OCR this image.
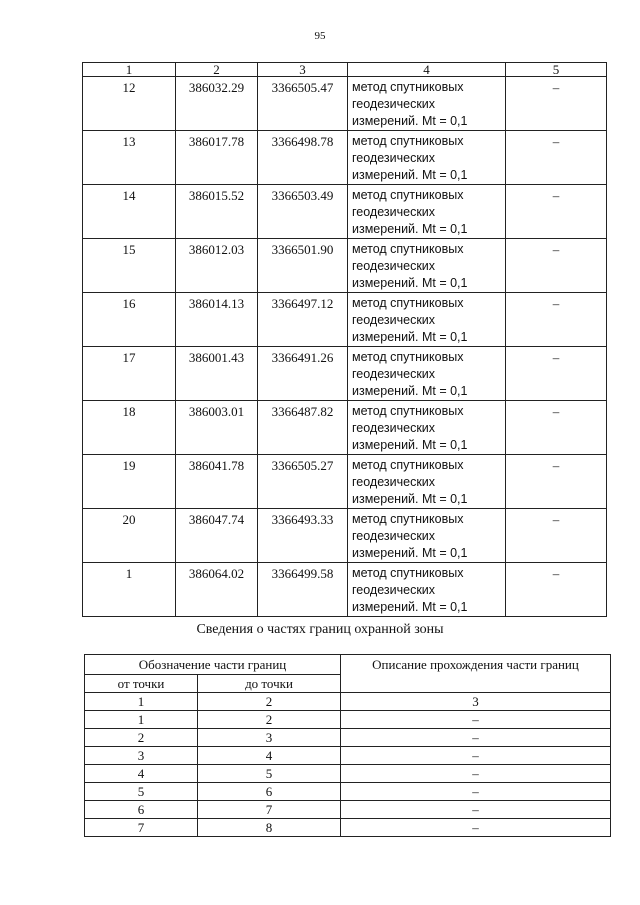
95
1	2	3	4	5
12	386032.29	3366505.47	метод спутниковых
геодезических
измерений. Mt = 0,1	–
13	386017.78	3366498.78	метод спутниковых
геодезических
измерений. Mt = 0,1	–
14	386015.52	3366503.49	метод спутниковых
геодезических
измерений. Mt = 0,1	–
15	386012.03	3366501.90	метод спутниковых
геодезических
измерений. Mt = 0,1	–
16	386014.13	3366497.12	метод спутниковых
геодезических
измерений. Mt = 0,1	–
17	386001.43	3366491.26	метод спутниковых
геодезических
измерений. Mt = 0,1	–
18	386003.01	3366487.82	метод спутниковых
геодезических
измерений. Mt = 0,1	–
19	386041.78	3366505.27	метод спутниковых
геодезических
измерений. Mt = 0,1	–
20	386047.74	3366493.33	метод спутниковых
геодезических
измерений. Mt = 0,1	–
1	386064.02	3366499.58	метод спутниковых
геодезических
измерений. Mt = 0,1	–
Сведения о частях границ охранной зоны
Обозначение части границ		Описание прохождения части границ
от точки	до точки	
1	2	3
1	2	–
2	3	–
3	4	–
4	5	–
5	6	–
6	7	–
7	8	–
